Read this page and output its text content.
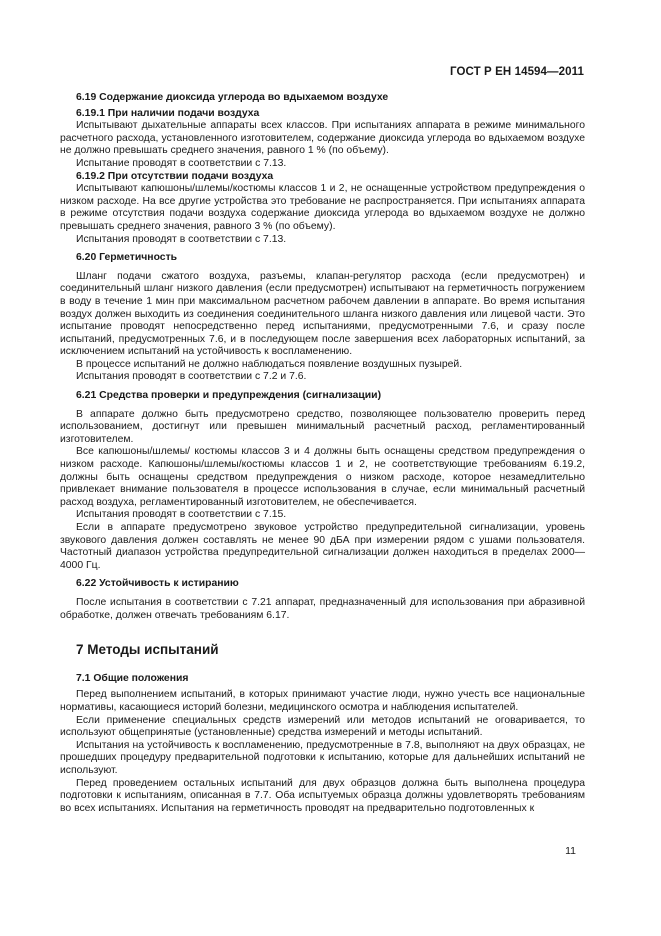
ГОСТ Р ЕН 14594—2011
6.19 Содержание диоксида углерода во вдыхаемом воздухе
6.19.1 При наличии подачи воздуха

Испытывают дыхательные аппараты всех классов. При испытаниях аппарата в режиме минимального расчетного расхода, установленного изготовителем, содержание диоксида углерода во вдыхаемом воздухе не должно превышать среднего значения, равного 1 % (по объему).

Испытание проводят в соответствии с 7.13.

6.19.2 При отсутствии подачи воздуха

Испытывают капюшоны/шлемы/костюмы классов 1 и 2, не оснащенные устройством предупреждения о низком расходе. На все другие устройства это требование не распространяется. При испытаниях аппарата в режиме отсутствия подачи воздуха содержание диоксида углерода во вдыхаемом воздухе не должно превышать среднего значения, равного 3 % (по объему).

Испытания проводят в соответствии с 7.13.

6.20 Герметичность

Шланг подачи сжатого воздуха, разъемы, клапан-регулятор расхода (если предусмотрен) и соединительный шланг низкого давления (если предусмотрен) испытывают на герметичность погружением в воду в течение 1 мин при максимальном расчетном рабочем давлении в аппарате. Во время испытания воздух должен выходить из соединения соединительного шланга низкого давления или лицевой части. Это испытание проводят непосредственно перед испытаниями, предусмотренными 7.6, и сразу после испытаний, предусмотренных 7.6, и в последующем после завершения всех лабораторных испытаний, за исключением испытаний на устойчивость к воспламенению.

В процессе испытаний не должно наблюдаться появление воздушных пузырей.

Испытания проводят в соответствии с 7.2 и 7.6.

6.21 Средства проверки и предупреждения (сигнализации)

В аппарате должно быть предусмотрено средство, позволяющее пользователю проверить перед использованием, достигнут или превышен минимальный расчетный расход, регламентированный изготовителем.

Все капюшоны/шлемы/ костюмы классов 3 и 4 должны быть оснащены средством предупреждения о низком расходе. Капюшоны/шлемы/костюмы классов 1 и 2, не соответствующие требованиям 6.19.2, должны быть оснащены средством предупреждения о низком расходе, которое незамедлительно привлекает внимание пользователя в процессе использования в случае, если минимальный расчетный расход воздуха, регламентированный изготовителем, не обеспечивается.

Испытания проводят в соответствии с 7.15.

Если в аппарате предусмотрено звуковое устройство предупредительной сигнализации, уровень звукового давления должен составлять не менее 90 дБА при измерении рядом с ушами пользователя. Частотный диапазон устройства предупредительной сигнализации должен находиться в пределах 2000—4000 Гц.

6.22 Устойчивость к истиранию

После испытания в соответствии с 7.21 аппарат, предназначенный для использования при абразивной обработке, должен отвечать требованиям 6.17.

7 Методы испытаний
7.1 Общие положения

Перед выполнением испытаний, в которых принимают участие люди, нужно учесть все национальные нормативы, касающиеся историй болезни, медицинского осмотра и наблюдения испытателей.

Если применение специальных средств измерений или методов испытаний не оговаривается, то используют общепринятые (установленные) средства измерений и методы испытаний.

Испытания на устойчивость к воспламенению, предусмотренные в 7.8, выполняют на двух образцах, не прошедших процедуру предварительной подготовки к испытанию, которые для дальнейших испытаний не используют.

Перед проведением остальных испытаний для двух образцов должна быть выполнена процедура подготовки к испытаниям, описанная в 7.7. Оба испытуемых образца должны удовлетворять требованиям во всех испытаниях. Испытания на герметичность проводят на предварительно подготовленных к

11
